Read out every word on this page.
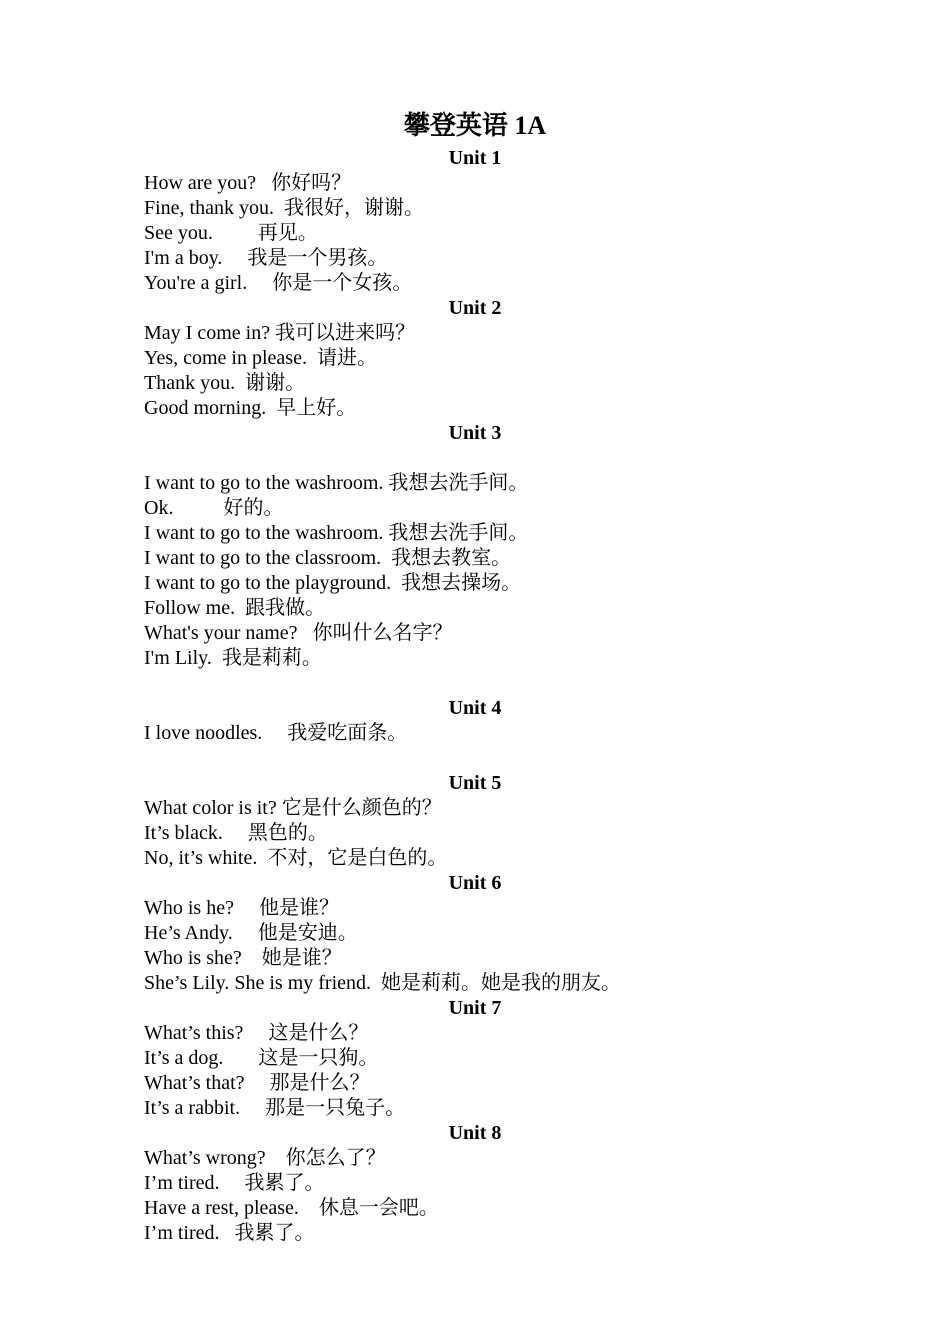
攀登英语 1A
Unit 1
How are you?   你好吗？
Fine, thank you.  我很好，谢谢。
See you.         再见。
I'm a boy.     我是一个男孩。
You're a girl.     你是一个女孩。
Unit 2
May I come in? 我可以进来吗？
Yes, come in please.  请进。
Thank you.  谢谢。
Good morning.  早上好。
Unit 3
I want to go to the washroom. 我想去洗手间。
Ok.          好的。
I want to go to the washroom. 我想去洗手间。
I want to go to the classroom.  我想去教室。
I want to go to the playground.  我想去操场。
Follow me.  跟我做。
What's your name?   你叫什么名字？
I'm Lily.  我是莉莉。
Unit 4
I love noodles.     我爱吃面条。
Unit 5
What color is it? 它是什么颜色的？
It’s black.     黑色的。
No, it’s white.  不对，它是白色的。
Unit 6
Who is he?     他是谁？
He’s Andy.     他是安迪。
Who is she?    她是谁？
She’s Lily. She is my friend.  她是莉莉。她是我的朋友。
Unit 7
What’s this?     这是什么？
It’s a dog.       这是一只狗。
What’s that?     那是什么？
It’s a rabbit.     那是一只兔子。
Unit 8
What’s wrong?    你怎么了？
I’m tired.     我累了。
Have a rest, please.    休息一会吧。
I’m tired.   我累了。
